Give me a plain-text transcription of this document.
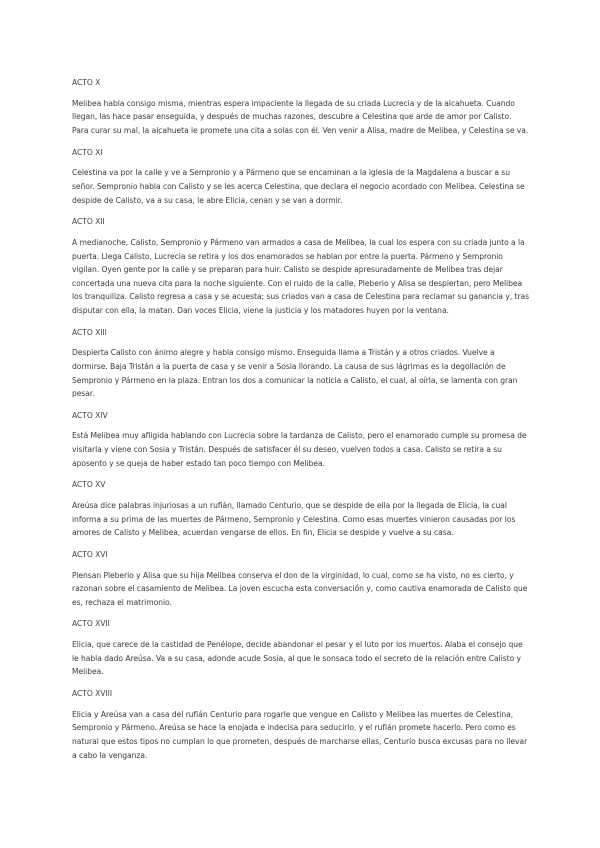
ACTO X

Melibea habla consigo misma, mientras espera impaciente la llegada de su criada Lucrecia y de la alcahueta. Cuando llegan, las hace pasar enseguida, y después de muchas razones, descubre a Celestina que arde de amor por Calisto. Para curar su mal, la alcahueta le promete una cita a solas con él. Ven venir a Alisa, madre de Melibea, y Celestina se va.

ACTO XI

Celestina va por la calle y ve a Sempronio y a Pármeno que se encaminan a la iglesia de la Magdalena a buscar a su señor. Sempronio habla con Calisto y se les acerca Celestina, que declara el negocio acordado con Melibea. Celestina se despide de Calisto, va a su casa, le abre Elicia, cenan y se van a dormir.

ACTO XII

A medianoche, Calisto, Sempronio y Pármeno van armados a casa de Melibea, la cual los espera con su criada junto a la puerta. Llega Calisto, Lucrecia se retira y los dos enamorados se hablan por entre la puerta. Pármeno y Sempronio vigilan. Oyen gente por la calle y se preparan para huir. Calisto se despide apresuradamente de Melibea tras dejar concertada una nueva cita para la noche siguiente. Con el ruido de la calle, Pleberio y Alisa se despiertan, pero Melibea los tranquiliza. Calisto regresa a casa y se acuesta; sus criados van a casa de Celestina para reclamar su ganancia y, tras disputar con ella, la matan. Dan voces Elicia, viene la justicia y los matadores huyen por la ventana.

ACTO XIII

Despierta Calisto con ánimo alegre y habla consigo mismo. Enseguida llama a Tristán y a otros criados. Vuelve a dormirse. Baja Tristán a la puerta de casa y se venir a Sosia llorando. La causa de sus lágrimas es la degollación de Sempronio y Pármeno en la plaza. Entran los dos a comunicar la noticia a Calisto, el cual, al oírla, se lamenta con gran pesar.

ACTO XIV

Está Melibea muy afligida hablando con Lucrecia sobre la tardanza de Calisto, pero el enamorado cumple su promesa de visitarla y viene con Sosia y Tristán. Después de satisfacer él su deseo, vuelven todos a casa. Calisto se retira a su aposento y se queja de haber estado tan poco tiempo con Melibea.

ACTO XV

Areúsa dice palabras injuriosas a un rufián, llamado Centurio, que se despide de ella por la llegada de Elicia, la cual informa a su prima de las muertes de Pármeno, Sempronio y Celestina. Como esas muertes vinieron causadas por los amores de Calisto y Melibea, acuerdan vengarse de ellos. En fin, Elicia se despide y vuelve a su casa.

ACTO XVI

Piensan Pleberio y Alisa que su hija Melibea conserva el don de la virginidad, lo cual, como se ha visto, no es cierto, y razonan sobre el casamiento de Melibea. La joven escucha esta conversación y, como cautiva enamorada de Calisto que es, rechaza el matrimonio.

ACTO XVII

Elicia, que carece de la castidad de Penélope, decide abandonar el pesar y el luto por los muertos. Alaba el consejo que le habla dado Areúsa. Va a su casa, adonde acude Sosia, al que le sonsaca todo el secreto de la relación entre Calisto y Melibea.

ACTO XVIII

Elicia y Areúsa van a casa del rufián Centurio para rogarle que vengue en Calisto y Melibea las muertes de Celestina, Sempronio y Pármeno. Areúsa se hace la enojada e indecisa para seducirlo, y el rufián promete hacerlo. Pero como es natural que estos tipos no cumplan lo que prometen, después de marcharse ellas, Centurio busca excusas para no llevar a cabo la venganza.
